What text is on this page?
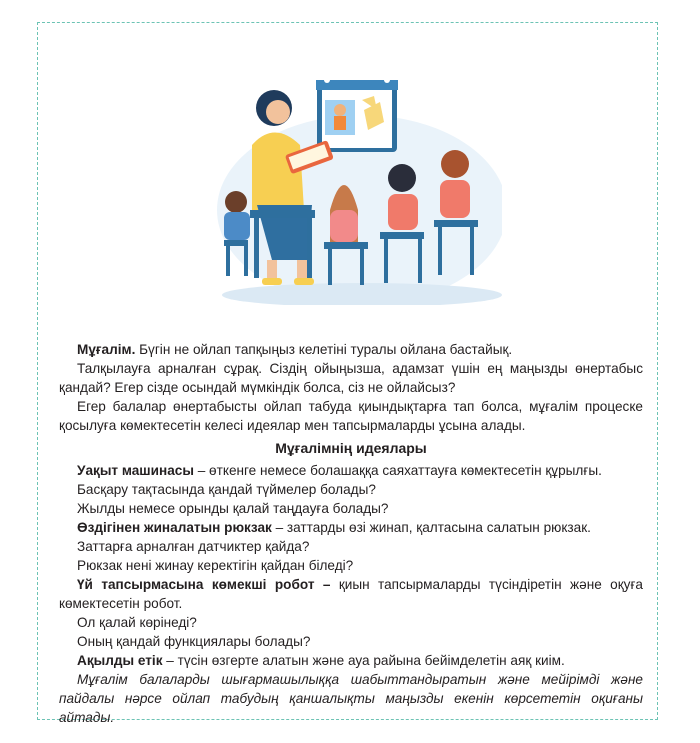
Мұғалім. Бүгін не ойлап тапқыңыз келетіні туралы ойлана бастайық.

Талқылауға арналған сұрақ. Сіздің ойыңызша, адамзат үшін ең маңызды өнертабыс қандай? Егер сізде осындай мүмкіндік болса, сіз не ойлайсыз?

Егер балалар өнертабысты ойлап табуда қиындықтарға тап болса, мұғалім процеске қосылуға көмектесетін келесі идеялар мен тапсырмаларды ұсына алады.

Мұғалімнің идеялары

Уақыт машинасы – өткенге немесе болашаққа саяхаттауға көмектесетін құрылғы.

Басқару тақтасында қандай түймелер болады?

Жылды немесе орынды қалай таңдауға болады?

Өздігінен жиналатын рюкзак – заттарды өзі жинап, қалтасына салатын рюкзак.

Заттарға арналған датчиктер қайда?

Рюкзак нені жинау керектігін қайдан біледі?

Үй тапсырмасына көмекші робот – қиын тапсырмаларды түсіндіретін және оқуға көмектесетін робот.

Ол қалай көрінеді?

Оның қандай функциялары болады?

Ақылды етік – түсін өзгерте алатын және ауа райына бейімделетін аяқ киім.

Мұғалім балаларды шығармашылыққа шабыттандыратын және мейірімді және пайдалы нәрсе ойлап табудың қаншалықты маңызды екенін көрсететін оқиғаны айтады.
